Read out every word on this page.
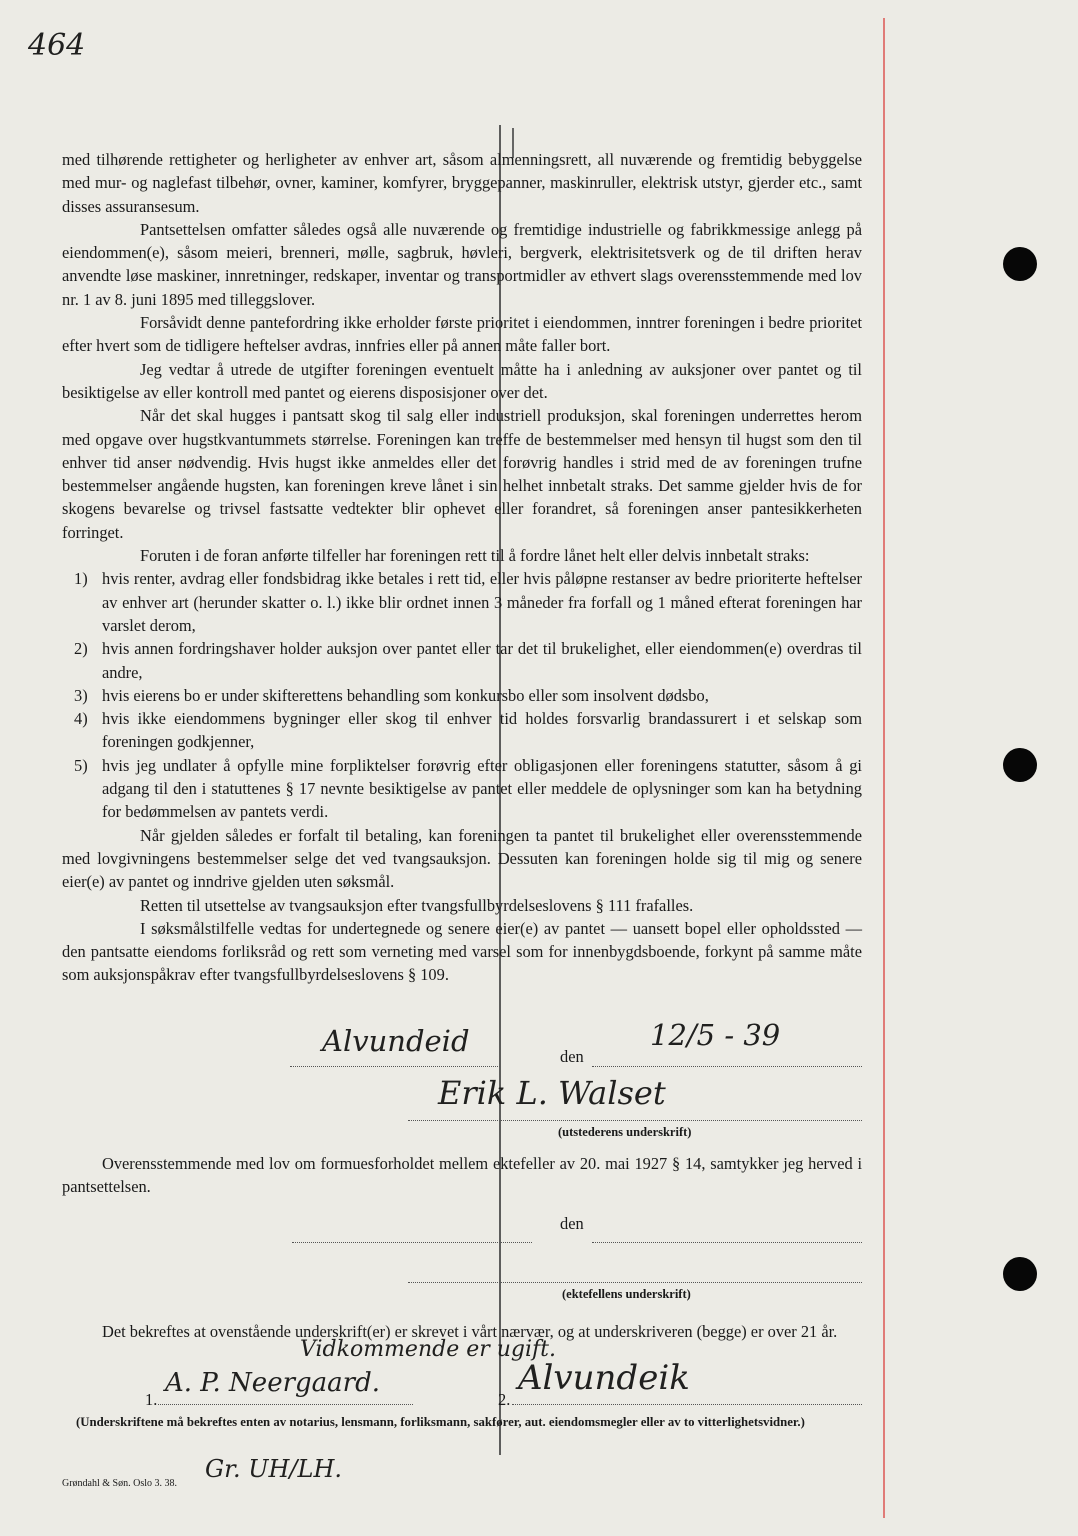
464

med tilhørende rettigheter og herligheter av enhver art, såsom almenningsrett, all nuværende og fremtidig bebyggelse med mur- og naglefast tilbehør, ovner, kaminer, komfyrer, bryggepanner, maskinruller, elektrisk utstyr, gjerder etc., samt disses assuransesum.

Pantsettelsen omfatter således også alle nuværende og fremtidige industrielle og fabrikkmessige anlegg på eiendommen(e), såsom meieri, brenneri, mølle, sagbruk, høvleri, bergverk, elektrisitetsverk og de til driften herav anvendte løse maskiner, innretninger, redskaper, inventar og transportmidler av ethvert slags overensstemmende med lov nr. 1 av 8. juni 1895 med tilleggslover.

Forsåvidt denne pantefordring ikke erholder første prioritet i eiendommen, inntrer foreningen i bedre prioritet efter hvert som de tidligere heftelser avdras, innfries eller på annen måte faller bort.

Jeg vedtar å utrede de utgifter foreningen eventuelt måtte ha i anledning av auksjoner over pantet og til besiktigelse av eller kontroll med pantet og eierens disposisjoner over det.

Når det skal hugges i pantsatt skog til salg eller industriell produksjon, skal foreningen underrettes herom med opgave over hugstkvantummets størrelse. Foreningen kan treffe de bestemmelser med hensyn til hugst som den til enhver tid anser nødvendig. Hvis hugst ikke anmeldes eller det forøvrig handles i strid med de av foreningen trufne bestemmelser angående hugsten, kan foreningen kreve lånet i sin helhet innbetalt straks. Det samme gjelder hvis de for skogens bevarelse og trivsel fastsatte vedtekter blir ophevet eller forandret, så foreningen anser pantesikkerheten forringet.

Foruten i de foran anførte tilfeller har foreningen rett til å fordre lånet helt eller delvis innbetalt straks:

1) hvis renter, avdrag eller fondsbidrag ikke betales i rett tid, eller hvis påløpne restanser av bedre prioriterte heftelser av enhver art (herunder skatter o. l.) ikke blir ordnet innen 3 måneder fra forfall og 1 måned efterat foreningen har varslet derom,
2) hvis annen fordringshaver holder auksjon over pantet eller tar det til brukelighet, eller eiendommen(e) overdras til andre,
3) hvis eierens bo er under skifterettens behandling som konkursbo eller som insolvent dødsbo,
4) hvis ikke eiendommens bygninger eller skog til enhver tid holdes forsvarlig brandassurert i et selskap som foreningen godkjenner,
5) hvis jeg undlater å opfylle mine forpliktelser forøvrig efter obligasjonen eller foreningens statutter, såsom å gi adgang til den i statuttenes § 17 nevnte besiktigelse av pantet eller meddele de oplysninger som kan ha betydning for bedømmelsen av pantets verdi.

Når gjelden således er forfalt til betaling, kan foreningen ta pantet til brukelighet eller overensstemmende med lovgivningens bestemmelser selge det ved tvangsauksjon. Dessuten kan foreningen holde sig til mig og senere eier(e) av pantet og inndrive gjelden uten søksmål.

Retten til utsettelse av tvangsauksjon efter tvangsfullbyrdelseslovens § 111 frafalles.

I søksmålstilfelle vedtas for undertegnede og senere eier(e) av pantet — uansett bopel eller opholdssted — den pantsatte eiendoms forliksråd og rett som verneting med varsel som for innenbygdsboende, forkynt på samme måte som auksjonspåkrav efter tvangsfullbyrdelseslovens § 109.

Alvundeid	den
12/5 - 39
Erik L. Walset
(utstederens underskrift)
Overensstemmende med lov om formuesforholdet mellem ektefeller av 20. mai 1927 § 14, samtykker jeg herved i pantsettelsen.
den
(ektefellens underskrift)
Det bekreftes at ovenstående underskrift(er) er skrevet i vårt nærvær, og at underskriveren (begge) er over 21 år.
Vidkommende er ugift.
1.
A. P. Neergaard.
2.
Alvundeik
(Underskriftene må bekreftes enten av notarius, lensmann, forliksmann, sakfører, aut. eiendomsmegler eller av to vitterlighetsvidner.)
Gr. UH/LH.
Grøndahl & Søn. Oslo 3. 38.
